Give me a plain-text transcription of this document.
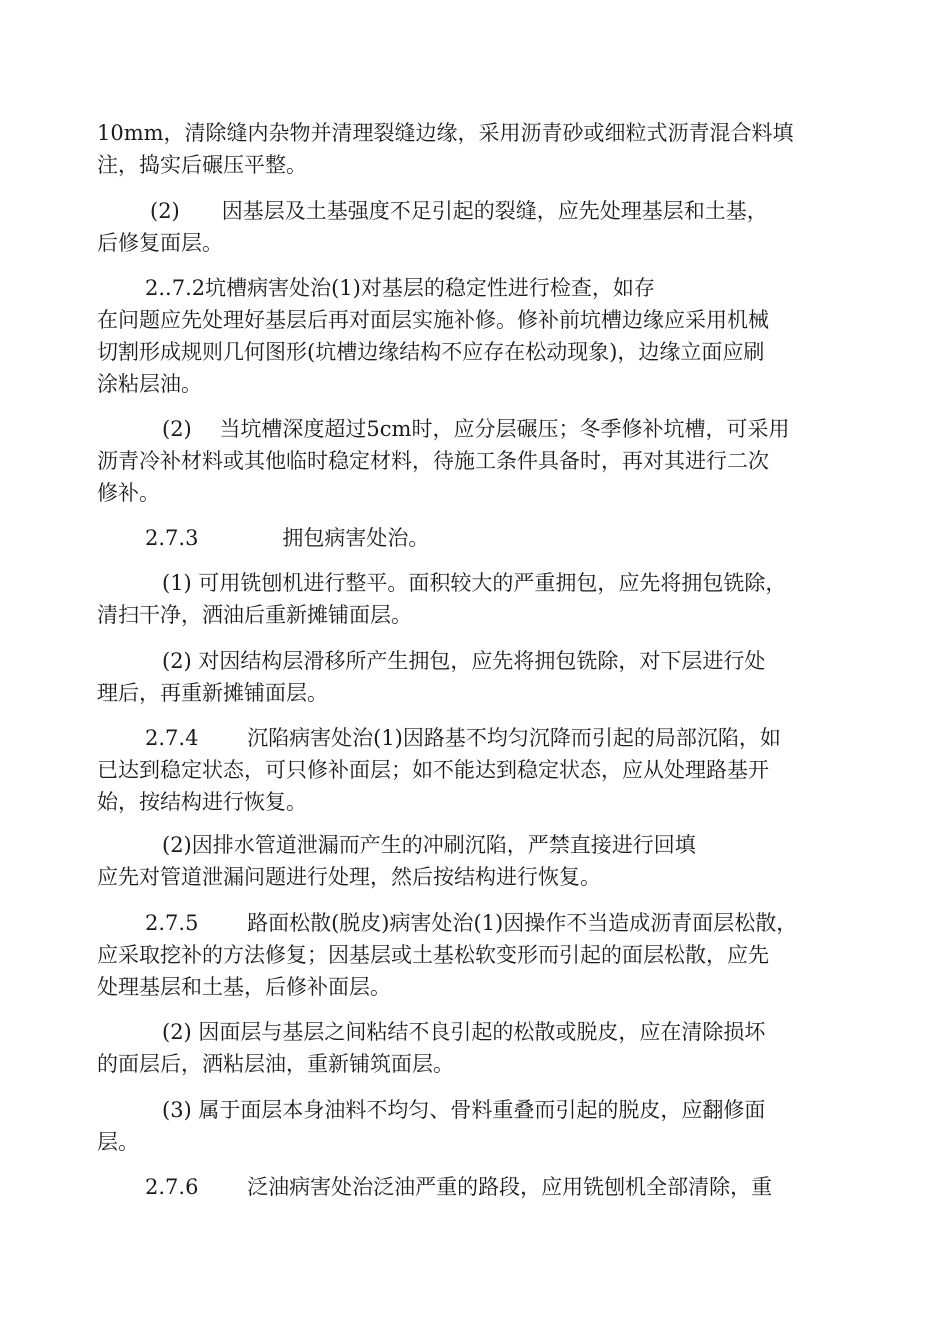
10mm，清除缝内杂物并清理裂缝边缘，采用沥青砂或细粒式沥青混合料填
注，捣实后碾压平整。
(2)　　因基层及土基强度不足引起的裂缝，应先处理基层和土基，
后修复面层。
2..7.2坑槽病害处治(1)对基层的稳定性进行检查，如存
在问题应先处理好基层后再对面层实施补修。修补前坑槽边缘应采用机械
切割形成规则几何图形(坑槽边缘结构不应存在松动现象)，边缘立面应刷
涂粘层油。
(2)　 当坑槽深度超过5cm时，应分层碾压；冬季修补坑槽，可采用
沥青冷补材料或其他临时稳定材料，待施工条件具备时，再对其进行二次
修补。
2.7.3　　　　拥包病害处治。
(1) 可用铣刨机进行整平。面积较大的严重拥包，应先将拥包铣除，
清扫干净，洒油后重新摊铺面层。
(2) 对因结构层滑移所产生拥包，应先将拥包铣除，对下层进行处
理后，再重新摊铺面层。
2.7.4　　 沉陷病害处治(1)因路基不均匀沉降而引起的局部沉陷，如
已达到稳定状态，可只修补面层；如不能达到稳定状态，应从处理路基开
始，按结构进行恢复。
(2)因排水管道泄漏而产生的冲刷沉陷，严禁直接进行回填
应先对管道泄漏问题进行处理，然后按结构进行恢复。
2.7.5　　 路面松散(脱皮)病害处治(1)因操作不当造成沥青面层松散，
应采取挖补的方法修复；因基层或土基松软变形而引起的面层松散，应先
处理基层和土基，后修补面层。
(2) 因面层与基层之间粘结不良引起的松散或脱皮，应在清除损坏
的面层后，洒粘层油，重新铺筑面层。
(3) 属于面层本身油料不均匀、骨料重叠而引起的脱皮，应翻修面
层。
2.7.6　　 泛油病害处治泛油严重的路段，应用铣刨机全部清除，重
